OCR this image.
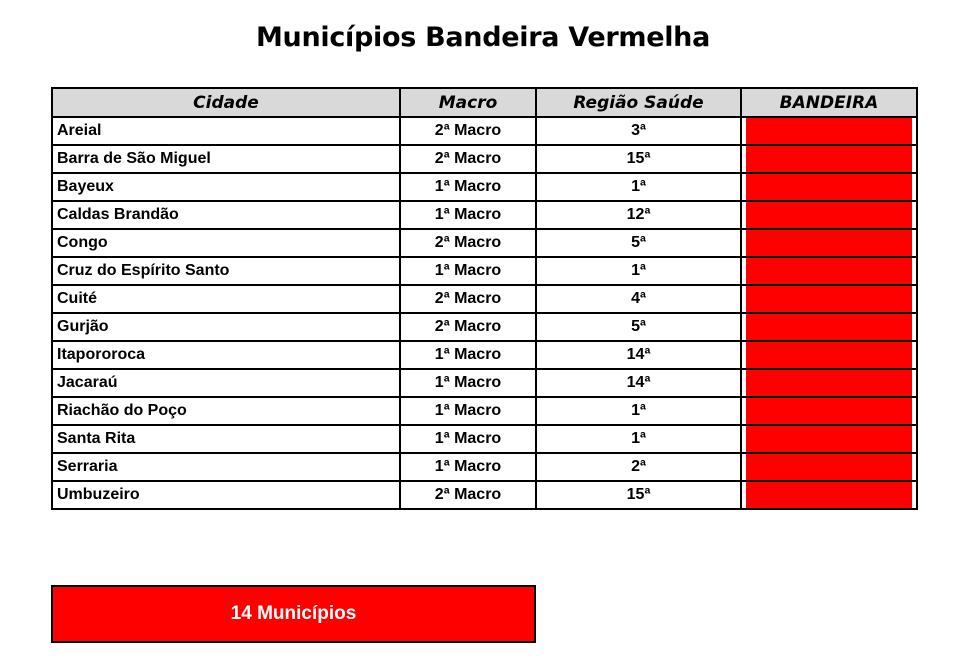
Municípios Bandeira Vermelha
Cidade	Macro	Região Saúde	BANDEIRA
Areial	2ª Macro	3ª	

Barra de São Miguel	2ª Macro	15ª	

Bayeux	1ª Macro	1ª	

Caldas Brandão	1ª Macro	12ª	

Congo	2ª Macro	5ª	

Cruz do Espírito Santo	1ª Macro	1ª	

Cuité	2ª Macro	4ª	

Gurjão	2ª Macro	5ª	

Itapororoca	1ª Macro	14ª	

Jacaraú	1ª Macro	14ª	

Riachão do Poço	1ª Macro	1ª	

Santa Rita	1ª Macro	1ª	

Serraria	1ª Macro	2ª	

Umbuzeiro	2ª Macro	15ª	
14 Municípios
